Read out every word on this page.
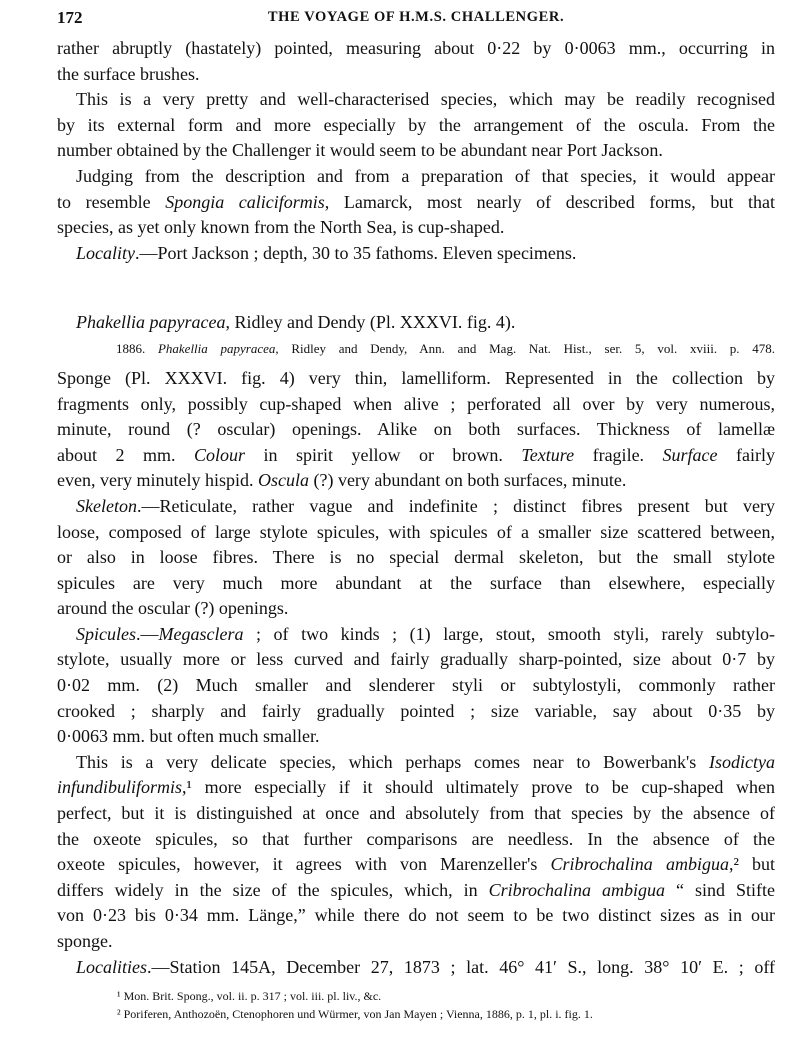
172	THE VOYAGE OF H.M.S. CHALLENGER.
rather abruptly (hastately) pointed, measuring about 0·22 by 0·0063 mm., occurring in
the surface brushes.
This is a very pretty and well-characterised species, which may be readily recognised
by its external form and more especially by the arrangement of the oscula. From the
number obtained by the Challenger it would seem to be abundant near Port Jackson.
Judging from the description and from a preparation of that species, it would appear
to resemble Spongia caliciformis, Lamarck, most nearly of described forms, but that
species, as yet only known from the North Sea, is cup-shaped.
Locality.—Port Jackson ; depth, 30 to 35 fathoms. Eleven specimens.
Phakellia papyracea, Ridley and Dendy (Pl. XXXVI. fig. 4).
1886. Phakellia papyracea, Ridley and Dendy, Ann. and Mag. Nat. Hist., ser. 5, vol. xviii. p. 478.
Sponge (Pl. XXXVI. fig. 4) very thin, lamelliform. Represented in the collection by
fragments only, possibly cup-shaped when alive ; perforated all over by very numerous,
minute, round (? oscular) openings. Alike on both surfaces. Thickness of lamellæ
about 2 mm. Colour in spirit yellow or brown. Texture fragile. Surface fairly
even, very minutely hispid. Oscula (?) very abundant on both surfaces, minute.
Skeleton.—Reticulate, rather vague and indefinite ; distinct fibres present but very
loose, composed of large stylote spicules, with spicules of a smaller size scattered between,
or also in loose fibres. There is no special dermal skeleton, but the small stylote
spicules are very much more abundant at the surface than elsewhere, especially
around the oscular (?) openings.
Spicules.—Megasclera ; of two kinds ; (1) large, stout, smooth styli, rarely subtylo-
stylote, usually more or less curved and fairly gradually sharp-pointed, size about 0·7 by
0·02 mm. (2) Much smaller and slenderer styli or subtylostyli, commonly rather
crooked ; sharply and fairly gradually pointed ; size variable, say about 0·35 by
0·0063 mm. but often much smaller.
This is a very delicate species, which perhaps comes near to Bowerbank's Isodictya
infundibuliformis,¹ more especially if it should ultimately prove to be cup-shaped when
perfect, but it is distinguished at once and absolutely from that species by the absence of
the oxeote spicules, so that further comparisons are needless. In the absence of the
oxeote spicules, however, it agrees with von Marenzeller's Cribrochalina ambigua,² but
differs widely in the size of the spicules, which, in Cribrochalina ambigua “ sind Stifte
von 0·23 bis 0·34 mm. Länge,” while there do not seem to be two distinct sizes as in our
sponge.
Localities.—Station 145A, December 27, 1873 ; lat. 46° 41′ S., long. 38° 10′ E. ; off
¹ Mon. Brit. Spong., vol. ii. p. 317 ; vol. iii. pl. liv., &c.
² Poriferen, Anthozoën, Ctenophoren und Würmer, von Jan Mayen ; Vienna, 1886, p. 1, pl. i. fig. 1.
